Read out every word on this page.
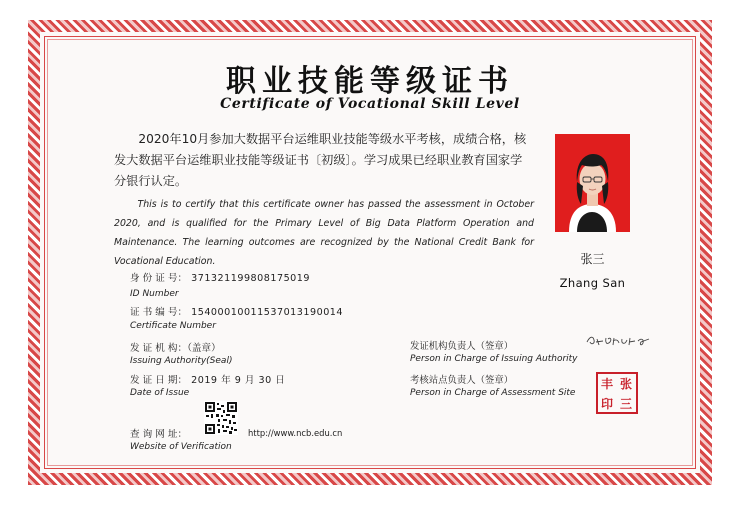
职业技能等级证书
Certificate of Vocational Skill Level
2020年10月参加大数据平台运维职业技能等级水平考核，成绩合格，核发大数据平台运维职业技能等级证书〔初级〕。学习成果已经职业教育国家学分银行认定。
This is to certify that this certificate owner has passed the assessment in October 2020, and is qualified for the Primary Level of Big Data Platform Operation and Maintenance. The learning outcomes are recognized by the National Credit Bank for Vocational Education.	张三
Zhang San
身 份 证 号： 371321199808175019
ID Number
证 书 编 号： 15400010011537013190014
Certificate Number
发 证 机 构：（盖章）
Issuing Authority(Seal)
发 证 日 期： 2019 年 9 月 30 日
Date of Issue
查 询 网 址：	http://www.ncb.edu.cn
Website of Verification
发证机构负责人（签章）
Person in Charge of Issuing Authority
考核站点负责人（签章）
Person in Charge of Assessment Site
张
丰
印 三
